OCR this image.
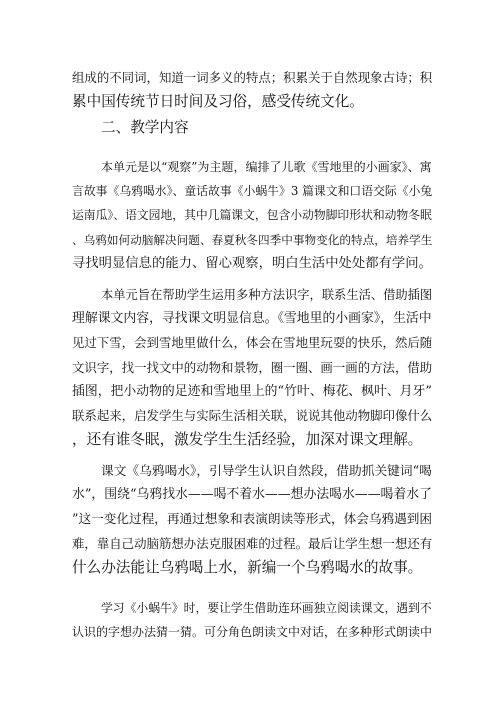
组成的不同词，知道一词多义的特点；积累关于自然现象古诗；积
累中国传统节日时间及习俗，感受传统文化。
二、教学内容
本单元是以“观察”为主题，编排了儿歌《雪地里的小画家》、寓
言故事《乌鸦喝水》、童话故事《小蜗牛》3 篇课文和口语交际《小兔
运南瓜》、语文园地，其中几篇课文，包含小动物脚印形状和动物冬眠
、乌鸦如何动脑解决问题、春夏秋冬四季中事物变化的特点，培养学生
寻找明显信息的能力、留心观察，明白生活中处处都有学问。
本单元旨在帮助学生运用多种方法识字，联系生活、借助插图
理解课文内容，寻找课文明显信息。《雪地里的小画家》，生活中
见过下雪，会到雪地里做什么，体会在雪地里玩耍的快乐，然后随
文识字，找一找文中的动物和景物，圈一圈、画一画的方法，借助
插图，把小动物的足迹和雪地里上的“竹叶、梅花、枫叶、月牙”
联系起来，启发学生与实际生活相关联，说说其他动物脚印像什么
，还有谁冬眠，激发学生生活经验，加深对课文理解。
课文《乌鸦喝水》，引导学生认识自然段，借助抓关键词“喝
水”，围绕“乌鸦找水——喝不着水——想办法喝水——喝着水了
”这一变化过程，再通过想象和表演朗读等形式，体会乌鸦遇到困
难，靠自己动脑筋想办法克服困难的过程。最后让学生想一想还有
什么办法能让乌鸦喝上水，新编一个乌鸦喝水的故事。
学习《小蜗牛》时，要让学生借助连环画独立阅读课文，遇到不
认识的字想办法猜一猜。可分角色朗读文中对话，在多种形式朗读中
